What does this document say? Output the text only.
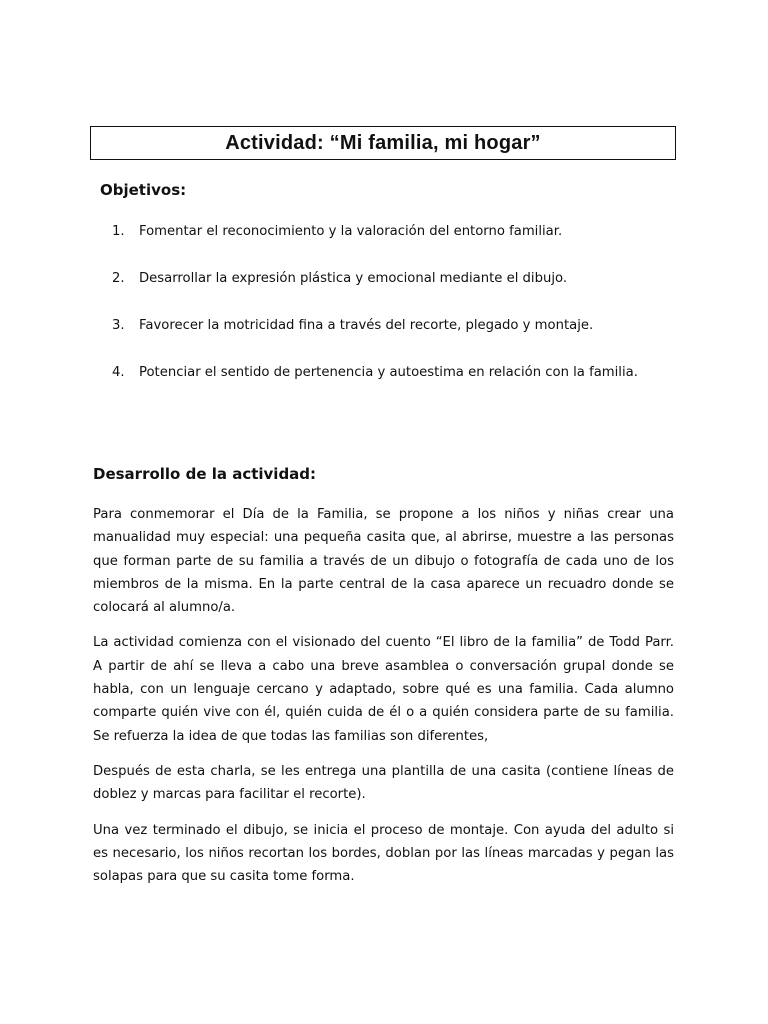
Actividad: “Mi familia, mi hogar”
Objetivos:
1.	Fomentar el reconocimiento y la valoración del entorno familiar.
2.	Desarrollar la expresión plástica y emocional mediante el dibujo.
3.	Favorecer la motricidad fina a través del recorte, plegado y montaje.
4.	Potenciar el sentido de pertenencia y autoestima en relación con la familia.
Desarrollo de la actividad:

Para conmemorar el Día de la Familia, se propone a los niños y niñas crear una manualidad muy especial: una pequeña casita que, al abrirse, muestre a las personas que forman parte de su familia a través de un dibujo o fotografía de cada uno de los miembros de la misma. En la parte central de la casa aparece un recuadro donde se colocará al alumno/a.

La actividad comienza con el visionado del cuento “El libro de la familia” de Todd Parr. A partir de ahí se lleva a cabo una breve asamblea o conversación grupal donde se habla, con un lenguaje cercano y adaptado, sobre qué es una familia. Cada alumno comparte quién vive con él, quién cuida de él o a quién considera parte de su familia. Se refuerza la idea de que todas las familias son diferentes,

Después de esta charla, se les entrega una plantilla de una casita (contiene líneas de doblez y marcas para facilitar el recorte).

Una vez terminado el dibujo, se inicia el proceso de montaje. Con ayuda del adulto si es necesario, los niños recortan los bordes, doblan por las líneas marcadas y pegan las solapas para que su casita tome forma.
